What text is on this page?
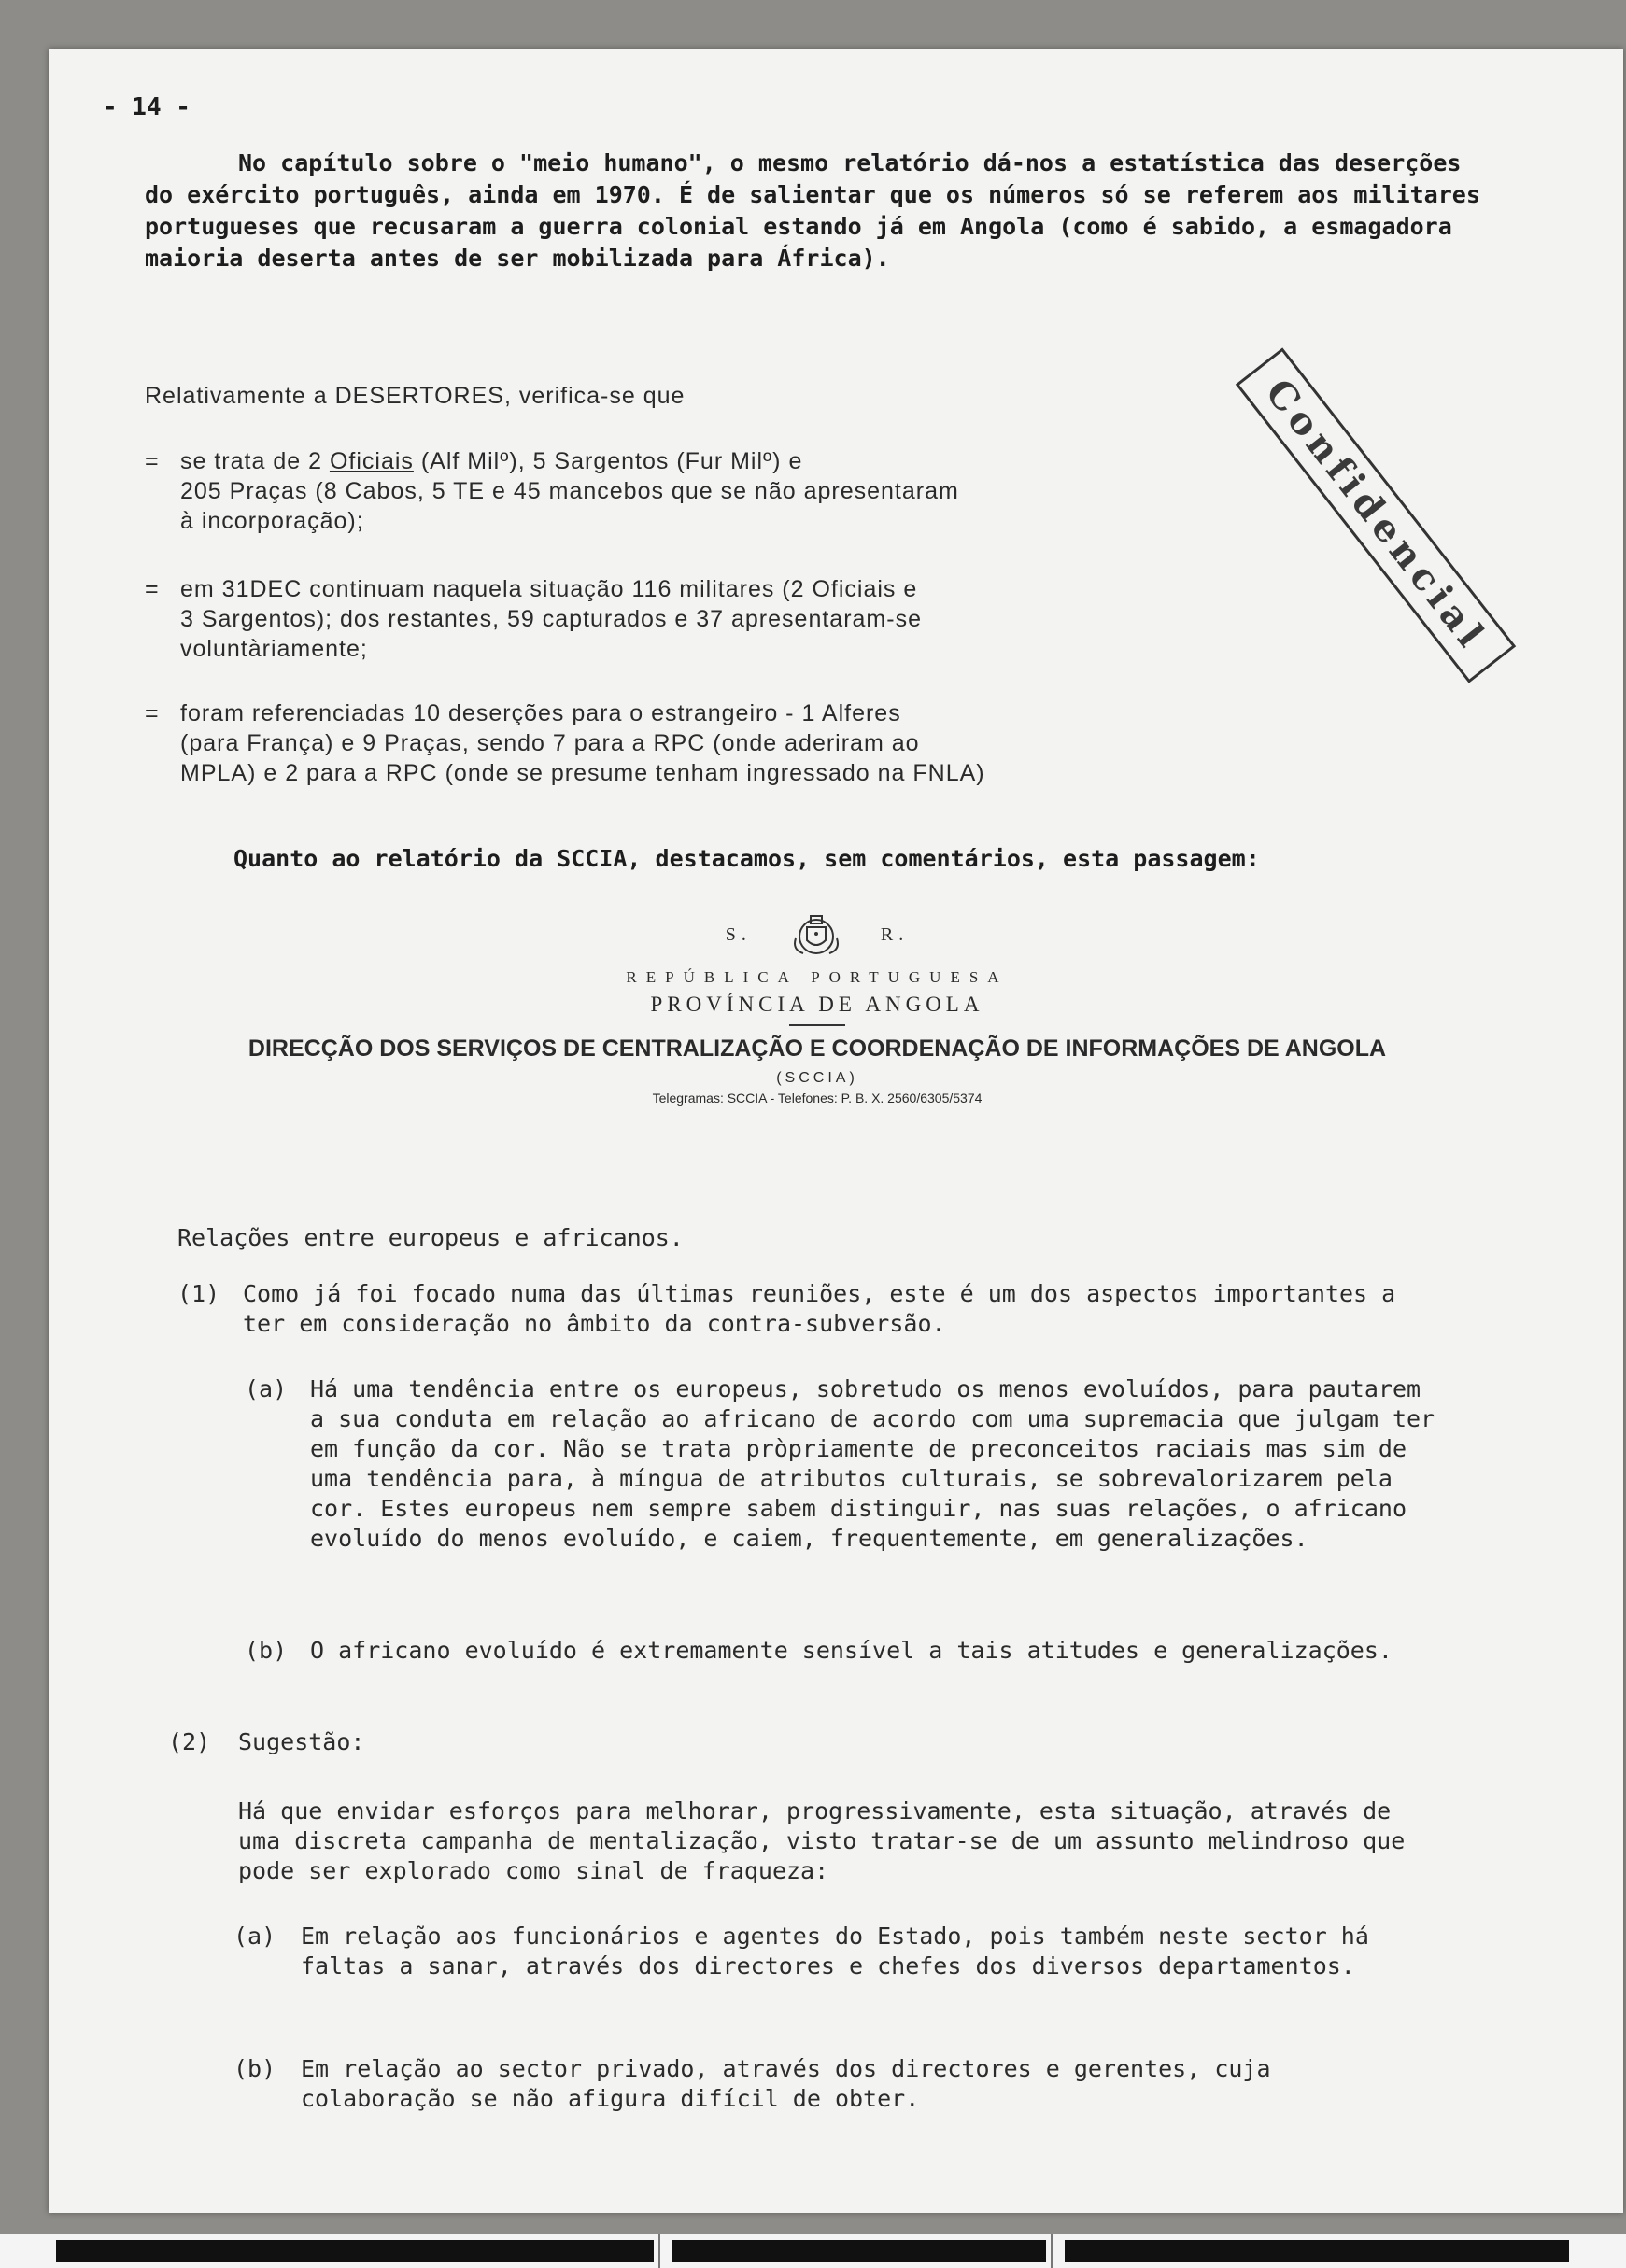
- 14 -

No capítulo sobre o "meio humano", o mesmo relatório dá-nos a estatística das deserções do exército português, ainda em 1970. É de salientar que os números só se referem aos militares portugueses que recusaram a guerra colonial estando já em Angola (como é sabido, a esmagadora maioria deserta antes de ser mobilizada para África).

Relativamente a DESERTORES, verifica-se que
= se trata de 2 Oficiais (Alf Milº), 5 Sargentos (Fur Milº) e
205 Praças (8 Cabos, 5 TE e 45 mancebos que se não apresentaram
à incorporação);
= em 31DEC continuam naquela situação 116 militares (2 Oficiais e
3 Sargentos); dos restantes, 59 capturados e 37 apresentaram-se
voluntàriamente;
= foram referenciadas 10 deserções para o estrangeiro - 1 Alferes
(para França) e 9 Praças, sendo 7 para a RPC (onde aderiram ao
MPLA) e 2 para a RPC (onde se presume tenham ingressado na FNLA)
Confidencial
Quanto ao relatório da SCCIA, destacamos, sem comentários, esta passagem:
S.	R.
REPÚBLICA PORTUGUESA
PROVÍNCIA DE ANGOLA
DIRECÇÃO DOS SERVIÇOS DE CENTRALIZAÇÃO E COORDENAÇÃO DE INFORMAÇÕES DE ANGOLA
(SCCIA)
Telegramas: SCCIA - Telefones: P. B. X. 2560/6305/5374
Relações entre europeus e africanos.
(1) Como já foi focado numa das últimas reuniões, este é um dos aspectos importantes a ter em consideração no âmbito da contra-subversão.

(a) Há uma tendência entre os europeus, sobretudo os menos evoluídos, para pautarem a sua conduta em relação ao africano de acordo com uma supremacia que julgam ter em função da cor. Não se trata pròpriamente de preconceitos raciais mas sim de uma tendência para, à míngua de atributos culturais, se sobrevalorizarem pela cor. Estes europeus nem sempre sabem distinguir, nas suas relações, o africano evoluído do menos evoluído, e caiem, frequentemente, em generalizações.

(b) O africano evoluído é extremamente sensível a tais atitudes e generalizações.

(2) Sugestão:

Há que envidar esforços para melhorar, progressivamente, esta situação, através de uma discreta campanha de mentalização, visto tratar-se de um assunto melindroso que pode ser explorado como sinal de fraqueza:

(a) Em relação aos funcionários e agentes do Estado, pois também neste sector há faltas a sanar, através dos directores e chefes dos diversos departamentos.

(b) Em relação ao sector privado, através dos directores e gerentes, cuja colaboração se não afigura difícil de obter.
